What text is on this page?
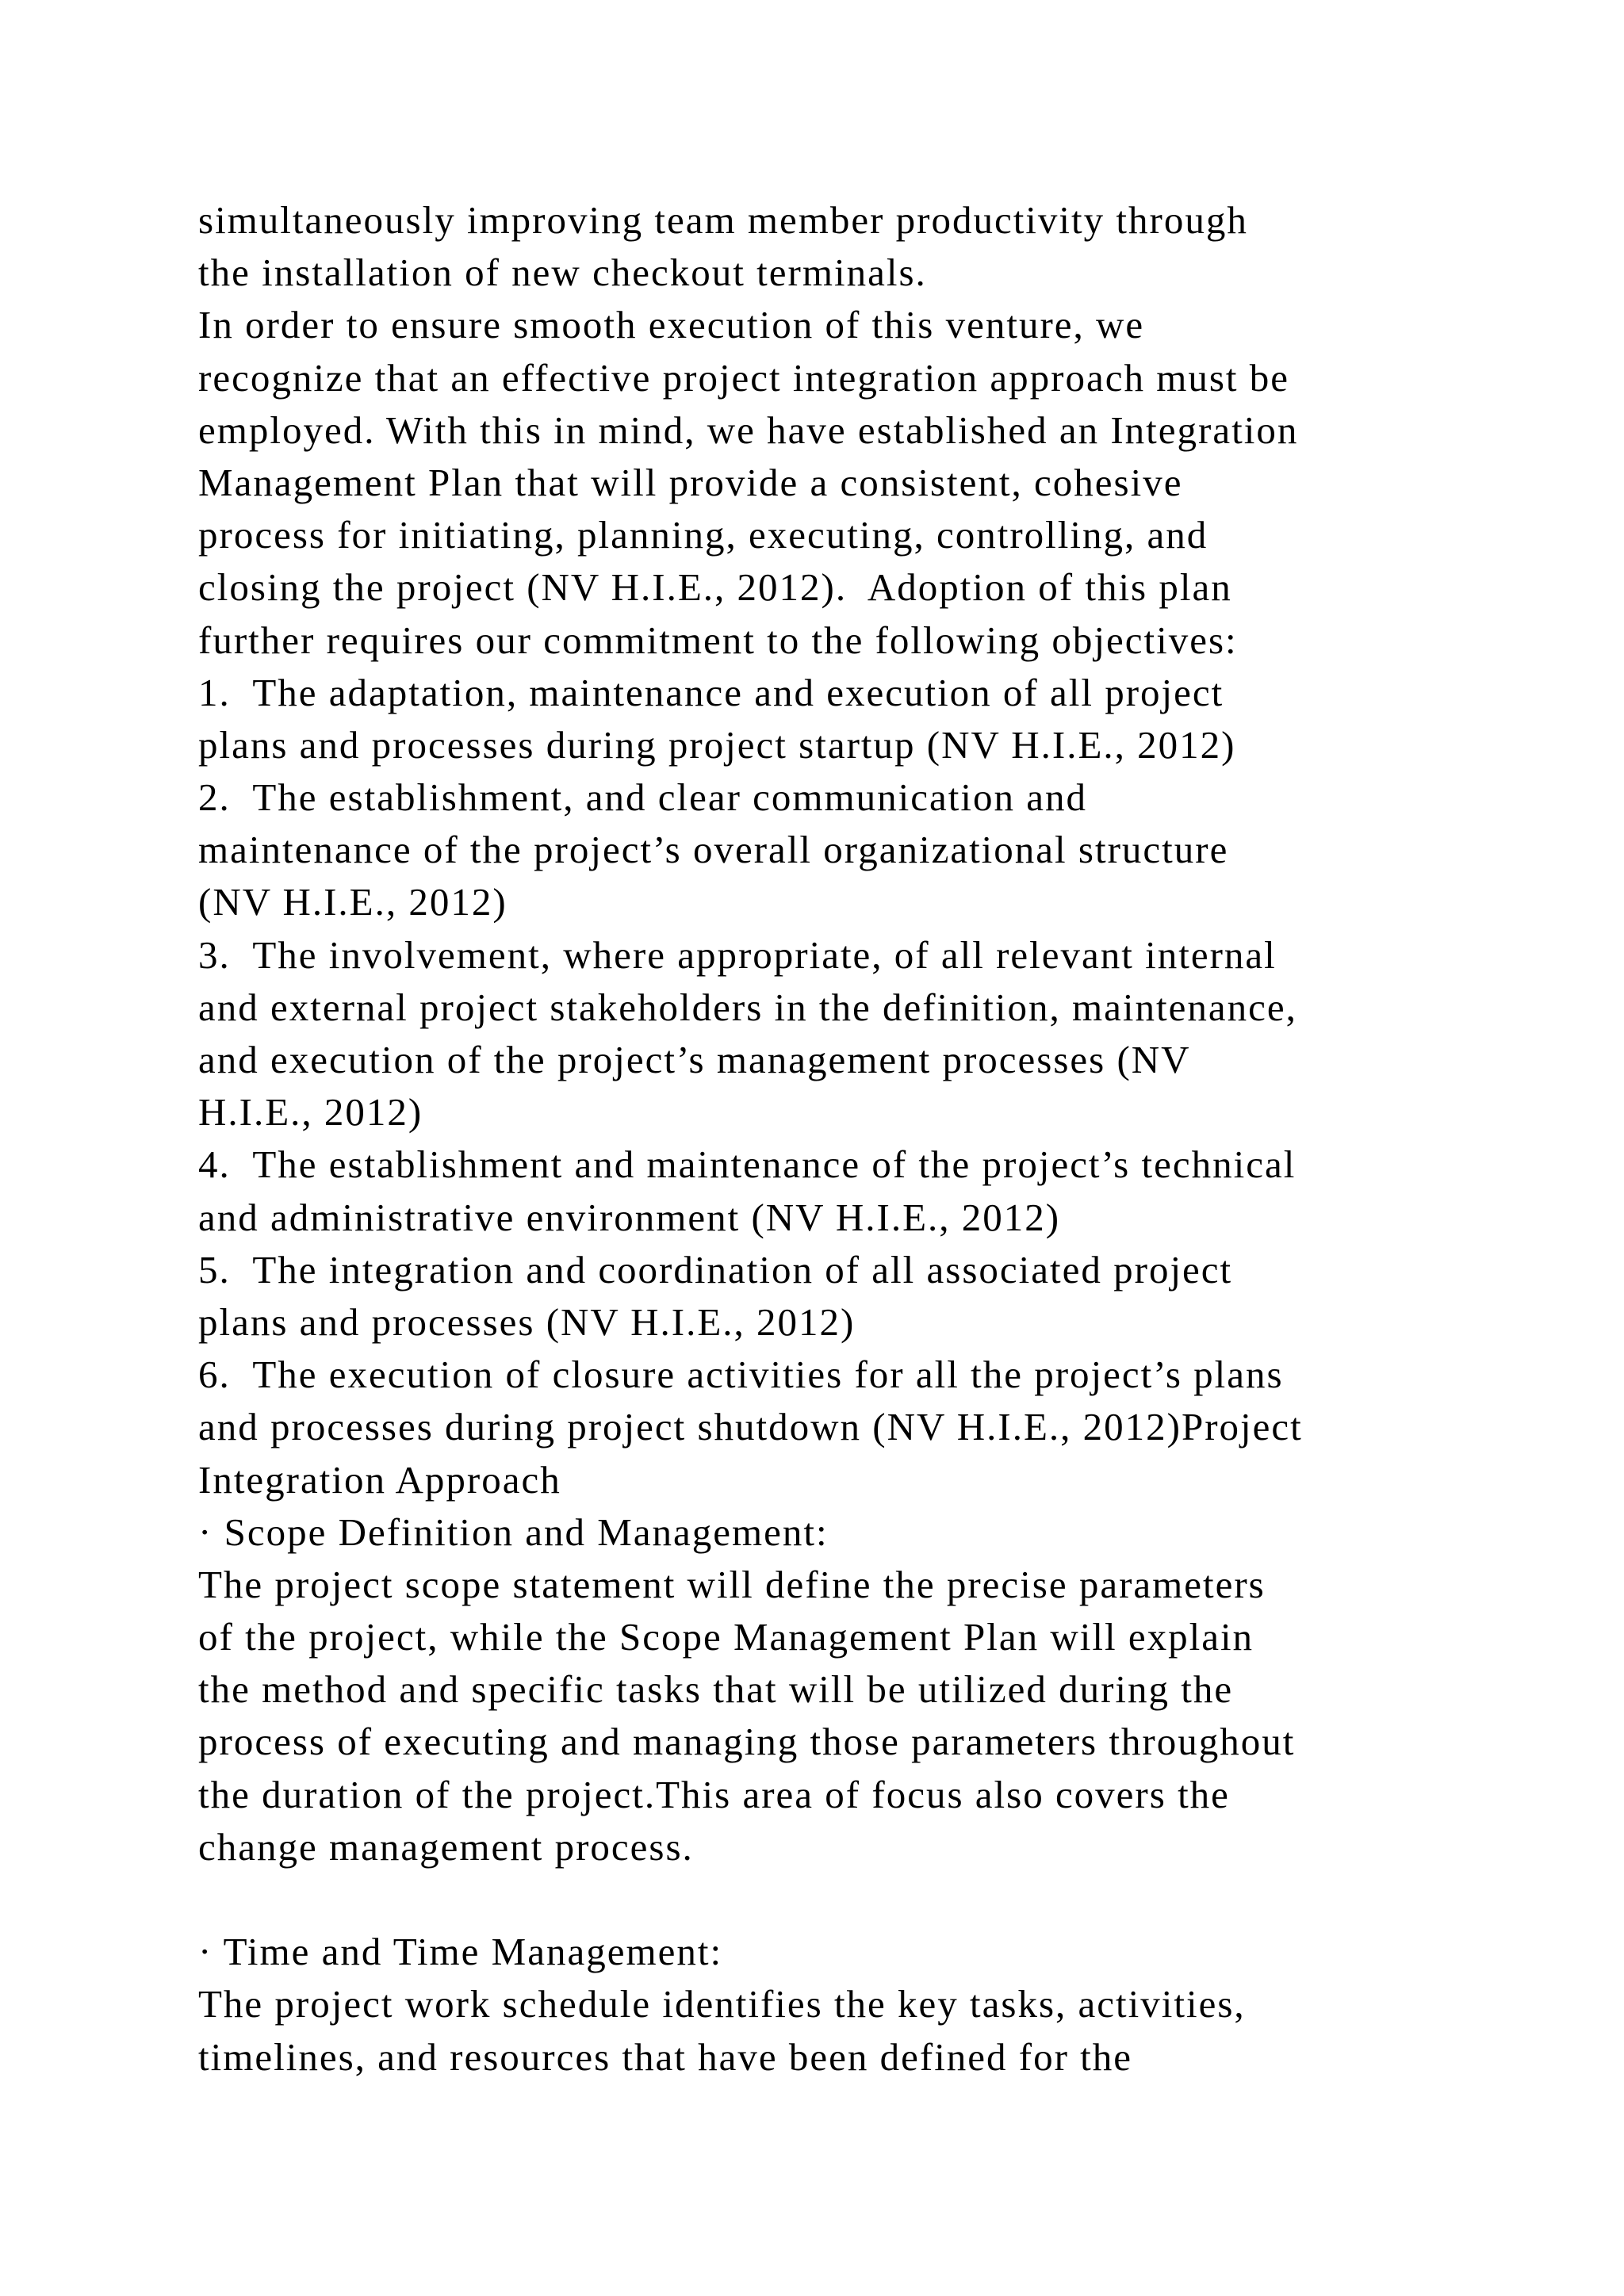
simultaneously improving team member productivity through
the installation of new checkout terminals.
In order to ensure smooth execution of this venture, we
recognize that an effective project integration approach must be
employed. With this in mind, we have established an Integration
Management Plan that will provide a consistent, cohesive
process for initiating, planning, executing, controlling, and
closing the project (NV H.I.E., 2012).  Adoption of this plan
further requires our commitment to the following objectives:
1.  The adaptation, maintenance and execution of all project
plans and processes during project startup (NV H.I.E., 2012)
2.  The establishment, and clear communication and
maintenance of the project’s overall organizational structure
(NV H.I.E., 2012)
3.  The involvement, where appropriate, of all relevant internal
and external project stakeholders in the definition, maintenance,
and execution of the project’s management processes (NV
H.I.E., 2012)
4.  The establishment and maintenance of the project’s technical
and administrative environment (NV H.I.E., 2012)
5.  The integration and coordination of all associated project
plans and processes (NV H.I.E., 2012)
6.  The execution of closure activities for all the project’s plans
and processes during project shutdown (NV H.I.E., 2012)Project
Integration Approach
· Scope Definition and Management:
The project scope statement will define the precise parameters
of the project, while the Scope Management Plan will explain
the method and specific tasks that will be utilized during the
process of executing and managing those parameters throughout
the duration of the project.This area of focus also covers the
change management process.
· Time and Time Management:
The project work schedule identifies the key tasks, activities,
timelines, and resources that have been defined for the
